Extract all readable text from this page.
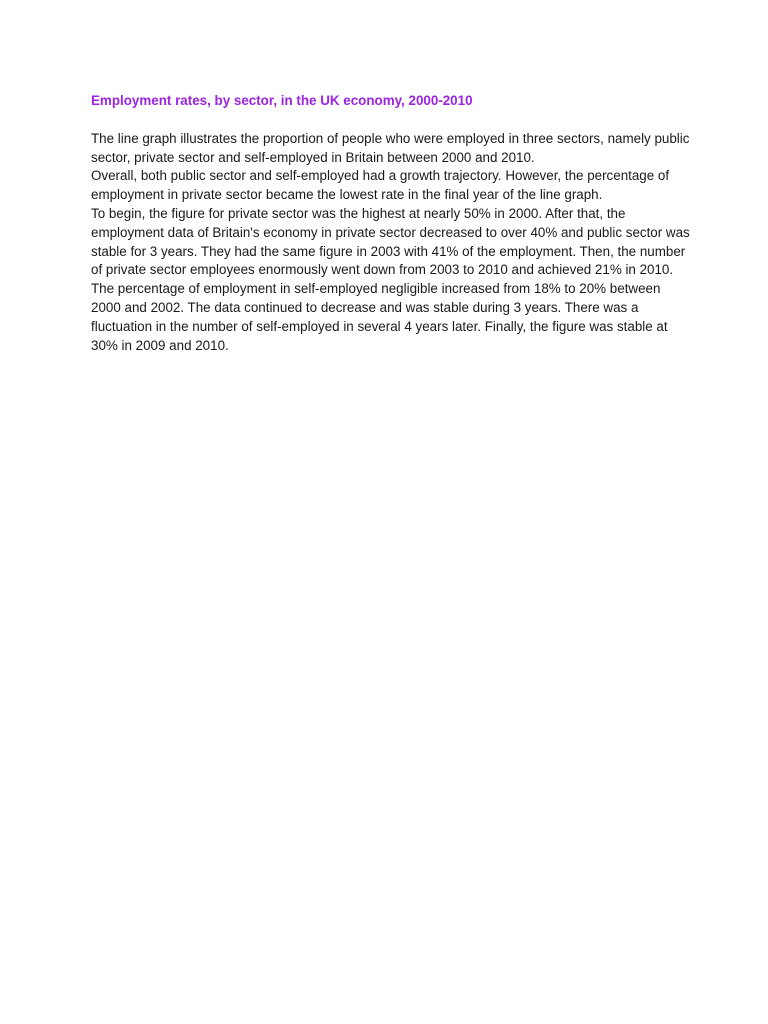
Employment rates, by sector, in the UK economy, 2000-2010

The line graph illustrates the proportion of people who were employed in three sectors, namely public sector, private sector and self-employed in Britain between 2000 and 2010.

Overall, both public sector and self-employed had a growth trajectory. However, the percentage of employment in private sector became the lowest rate in the final year of the line graph.

To begin, the figure for private sector was the highest at nearly 50% in 2000. After that, the employment data of Britain's economy in private sector decreased to over 40% and public sector was stable for 3 years. They had the same figure in 2003 with 41% of the employment. Then, the number of private sector employees enormously went down from 2003 to 2010 and achieved 21% in 2010.

The percentage of employment in self-employed negligible increased from 18% to 20% between 2000 and 2002. The data continued to decrease and was stable during 3 years. There was a fluctuation in the number of self-employed in several 4 years later. Finally, the figure was stable at 30% in 2009 and 2010.
